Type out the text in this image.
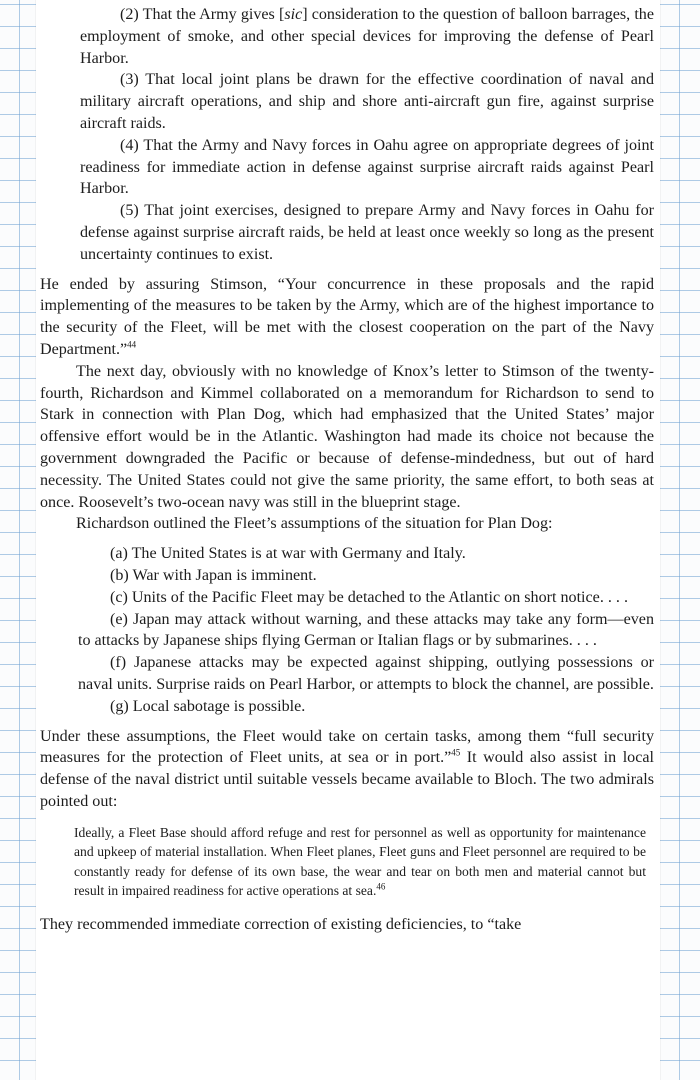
(2) That the Army gives [sic] consideration to the question of balloon barrages, the employment of smoke, and other special devices for improving the defense of Pearl Harbor.

(3) That local joint plans be drawn for the effective coordination of naval and military aircraft operations, and ship and shore anti-aircraft gun fire, against surprise aircraft raids.

(4) That the Army and Navy forces in Oahu agree on appropriate degrees of joint readiness for immediate action in defense against surprise aircraft raids against Pearl Harbor.

(5) That joint exercises, designed to prepare Army and Navy forces in Oahu for defense against surprise aircraft raids, be held at least once weekly so long as the present uncertainty continues to exist.

He ended by assuring Stimson, “Your concurrence in these proposals and the rapid implementing of the measures to be taken by the Army, which are of the highest importance to the security of the Fleet, will be met with the closest cooperation on the part of the Navy Department.”$^{44}$

The next day, obviously with no knowledge of Knox’s letter to Stimson of the twenty-fourth, Richardson and Kimmel collaborated on a memorandum for Richardson to send to Stark in connection with Plan Dog, which had emphasized that the United States’ major offensive effort would be in the Atlantic. Washington had made its choice not because the government downgraded the Pacific or because of defense-mindedness, but out of hard necessity. The United States could not give the same priority, the same effort, to both seas at once. Roosevelt’s two-ocean navy was still in the blueprint stage.

Richardson outlined the Fleet’s assumptions of the situation for Plan Dog:

(a) The United States is at war with Germany and Italy.

(b) War with Japan is imminent.

(c) Units of the Pacific Fleet may be detached to the Atlantic on short notice. . . .

(e) Japan may attack without warning, and these attacks may take any form—even to attacks by Japanese ships flying German or Italian flags or by submarines. . . .

(f) Japanese attacks may be expected against shipping, outlying possessions or naval units. Surprise raids on Pearl Harbor, or attempts to block the channel, are possible.

(g) Local sabotage is possible.

Under these assumptions, the Fleet would take on certain tasks, among them “full security measures for the protection of Fleet units, at sea or in port.”$^{45}$ It would also assist in local defense of the naval district until suitable vessels became available to Bloch. The two admirals pointed out:

Ideally, a Fleet Base should afford refuge and rest for personnel as well as opportunity for maintenance and upkeep of material installation. When Fleet planes, Fleet guns and Fleet personnel are required to be constantly ready for defense of its own base, the wear and tear on both men and material cannot but result in impaired readiness for active operations at sea.$^{46}$

They recommended immediate correction of existing deficiencies, to “take
